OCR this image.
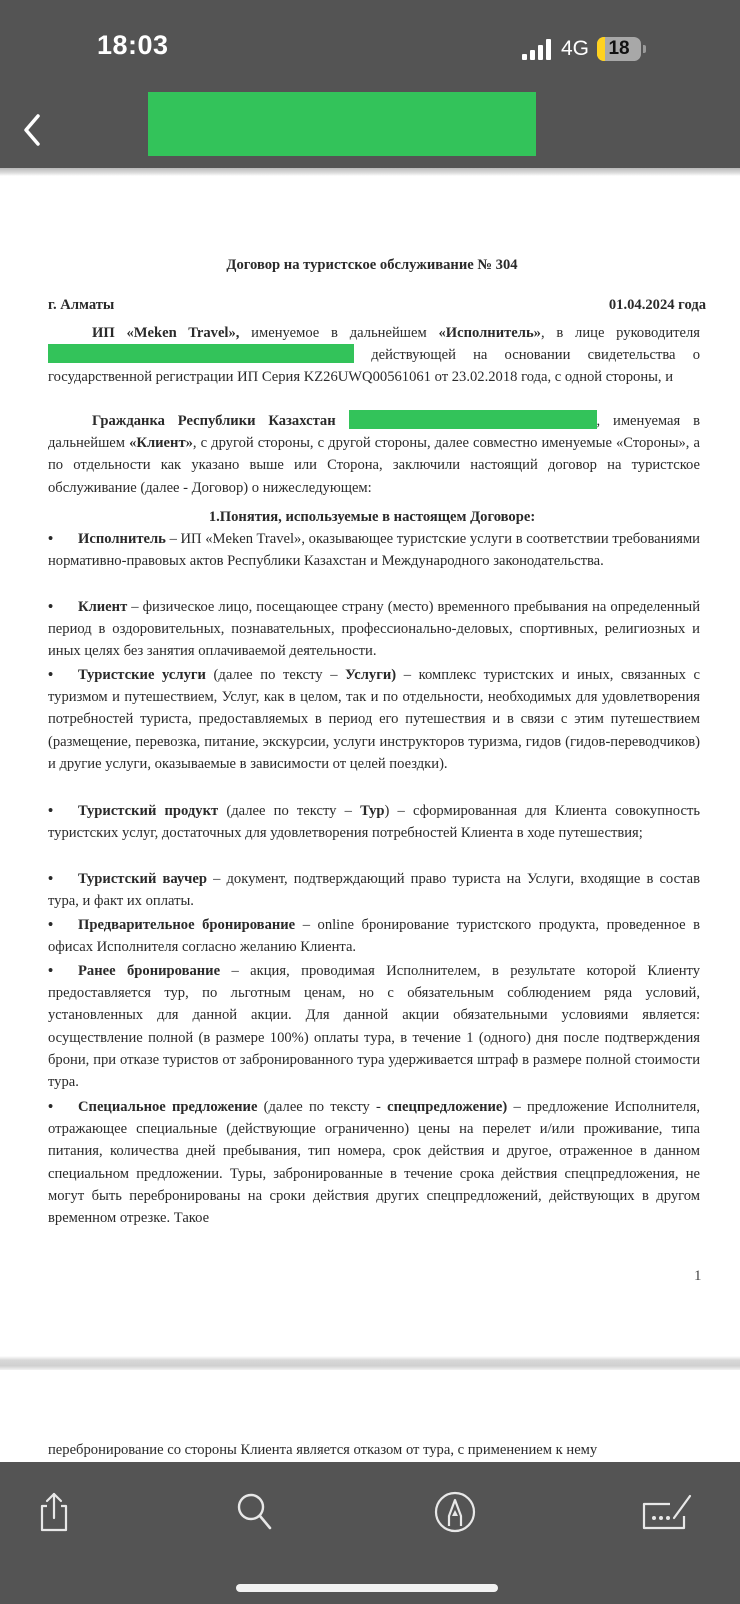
18:03	4G 18
Договор на туристское обслуживание № 304
г. Алматы	01.04.2024 года
ИП «Meken Travel», именуемое в дальнейшем «Исполнитель», в лице руководителя  действующей на основании свидетельства о государственной регистрации ИП Серия KZ26UWQ00561061 от 23.02.2018 года, с одной стороны, и
Гражданка Республики Казахстан	, именуемая в дальнейшем «Клиент», с другой стороны, с другой стороны, далее совместно именуемые «Стороны», а по отдельности как указано выше или Сторона, заключили настоящий договор на туристское обслуживание (далее - Договор) о нижеследующем:
1.Понятия, используемые в настоящем Договоре:
• Исполнитель – ИП «Meken Travel», оказывающее туристские услуги в соответствии требованиями нормативно-правовых актов Республики Казахстан и Международного законодательства.
• Клиент – физическое лицо, посещающее страну (место) временного пребывания на определенный период в оздоровительных, познавательных, профессионально-деловых, спортивных, религиозных и иных целях без занятия оплачиваемой деятельности.
• Туристские услуги (далее по тексту – Услуги) – комплекс туристских и иных, связанных с туризмом и путешествием, Услуг, как в целом, так и по отдельности, необходимых для удовлетворения потребностей туриста, предоставляемых в период его путешествия и в связи с этим путешествием (размещение, перевозка, питание, экскурсии, услуги инструкторов туризма, гидов (гидов-переводчиков) и другие услуги, оказываемые в зависимости от целей поездки).
• Туристский продукт (далее по тексту – Тур) – сформированная для Клиента совокупность туристских услуг, достаточных для удовлетворения потребностей Клиента в ходе путешествия;
• Туристский ваучер – документ, подтверждающий право туриста на Услуги, входящие в состав тура, и факт их оплаты.
• Предварительное бронирование – online бронирование туристского продукта, проведенное в офисах Исполнителя согласно желанию Клиента.
• Ранее бронирование – акция, проводимая Исполнителем, в результате которой Клиенту предоставляется тур, по льготным ценам, но с обязательным соблюдением ряда условий, установленных для данной акции. Для данной акции обязательными условиями является: осуществление полной (в размере 100%) оплаты тура, в течение 1 (одного) дня после подтверждения брони, при отказе туристов от забронированного тура удерживается штраф в размере полной стоимости тура.
• Специальное предложение (далее по тексту - спецпредложение) – предложение Исполнителя, отражающее специальные (действующие ограниченно) цены на перелет и/или проживание, типа питания, количества дней пребывания, тип номера, срок действия и другое, отраженное в данном специальном предложении. Туры, забронированные в течение срока действия спецпредложения, не могут быть перебронированы на сроки действия других спецпредложений, действующих в другом временном отрезке. Такое
1
перебронирование со стороны Клиента является отказом от тура, с применением к нему
